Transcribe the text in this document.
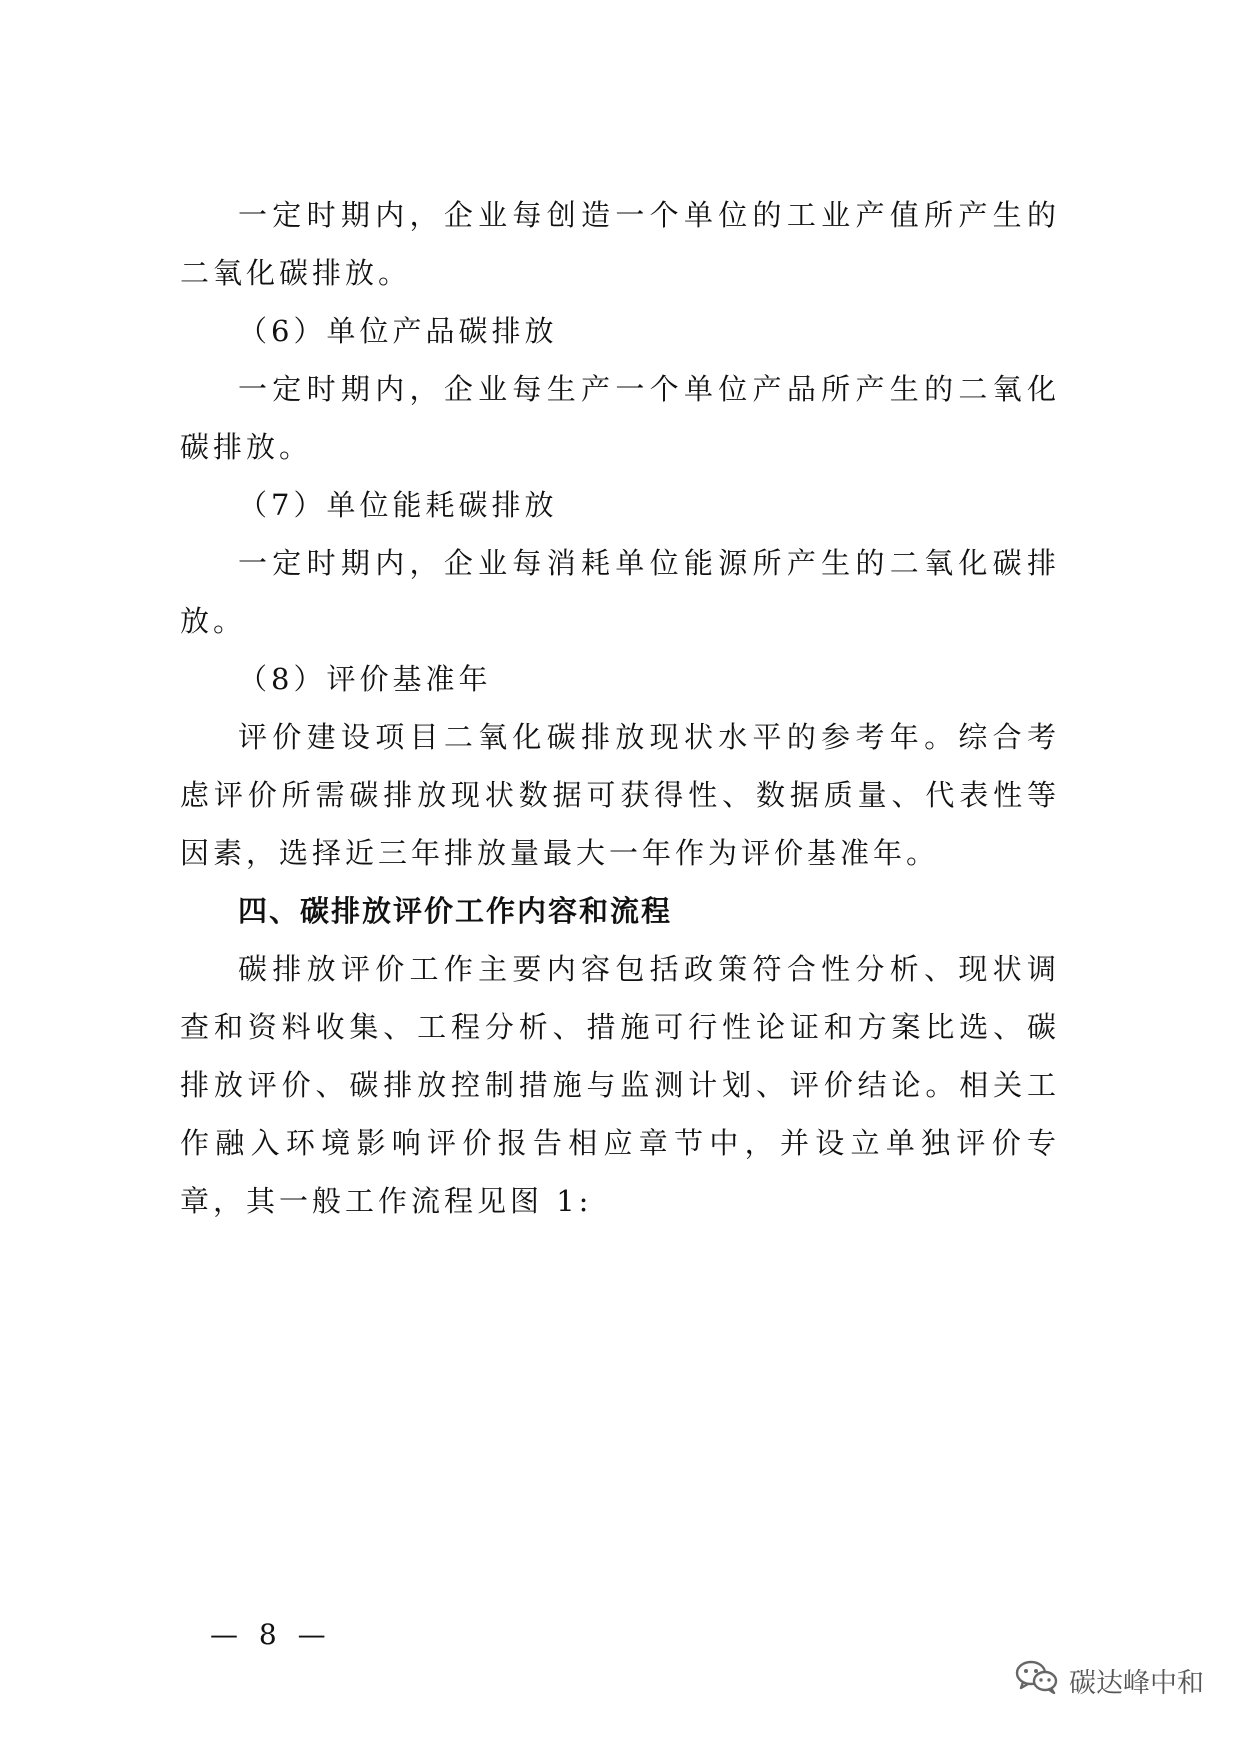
一定时期内，企业每创造一个单位的工业产值所产生的二氧化碳排放。

（6）单位产品碳排放

一定时期内，企业每生产一个单位产品所产生的二氧化碳排放。

（7）单位能耗碳排放

一定时期内，企业每消耗单位能源所产生的二氧化碳排放。

（8）评价基准年

评价建设项目二氧化碳排放现状水平的参考年。综合考虑评价所需碳排放现状数据可获得性、数据质量、代表性等因素，选择近三年排放量最大一年作为评价基准年。

四、碳排放评价工作内容和流程

碳排放评价工作主要内容包括政策符合性分析、现状调查和资料收集、工程分析、措施可行性论证和方案比选、碳排放评价、碳排放控制措施与监测计划、评价结论。相关工作融入环境影响评价报告相应章节中，并设立单独评价专章，其一般工作流程见图 1:

— 8 —
碳达峰中和
